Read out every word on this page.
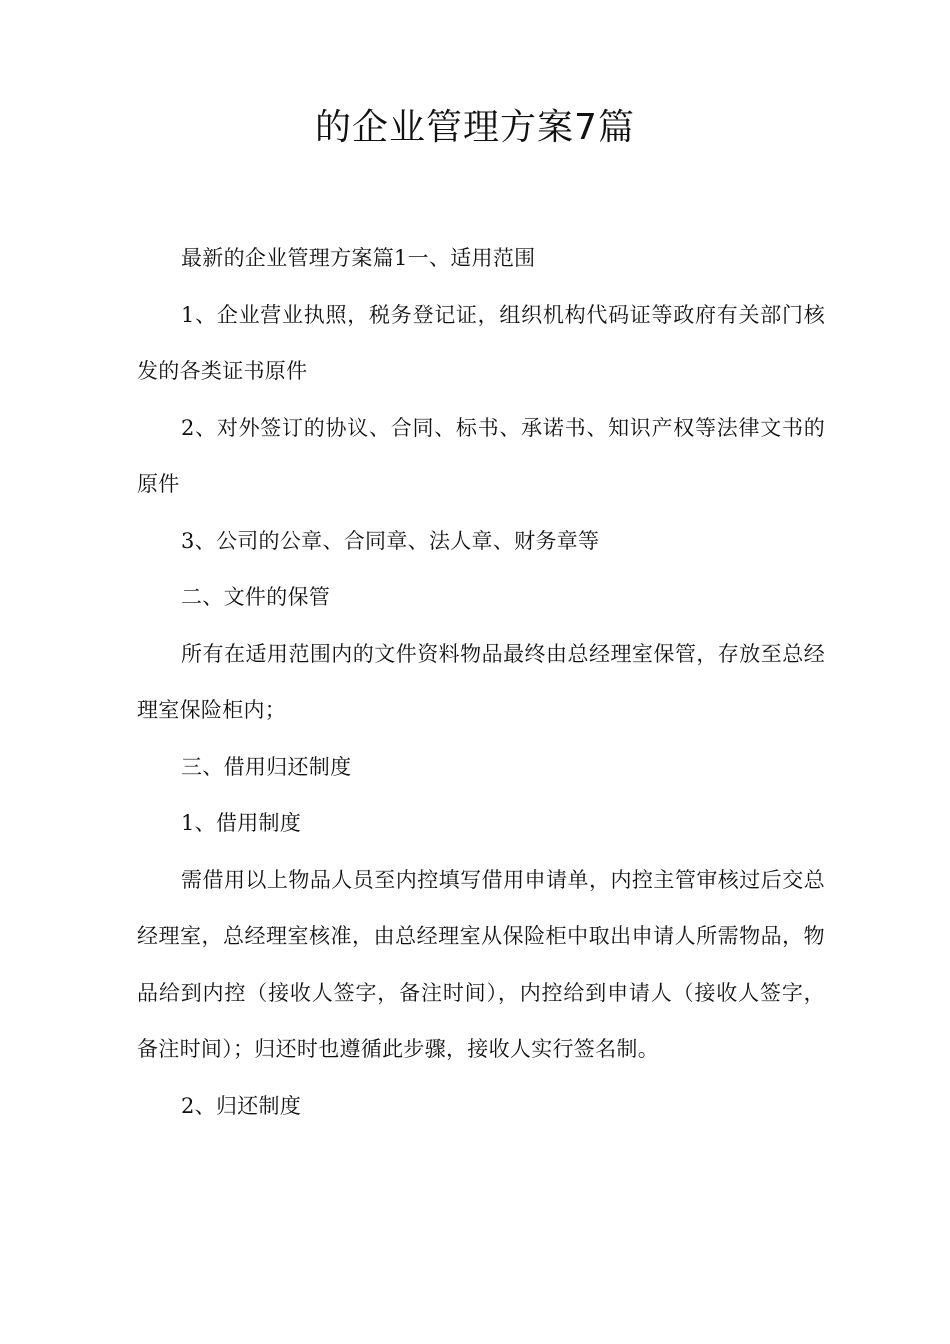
的企业管理方案7篇

最新的企业管理方案篇1一、适用范围

1、企业营业执照，税务登记证，组织机构代码证等政府有关部门核发的各类证书原件

2、对外签订的协议、合同、标书、承诺书、知识产权等法律文书的原件

3、公司的公章、合同章、法人章、财务章等

二、文件的保管

所有在适用范围内的文件资料物品最终由总经理室保管，存放至总经理室保险柜内；

三、借用归还制度

1、借用制度

需借用以上物品人员至内控填写借用申请单，内控主管审核过后交总经理室，总经理室核准，由总经理室从保险柜中取出申请人所需物品，物品给到内控（接收人签字，备注时间），内控给到申请人（接收人签字，备注时间）；归还时也遵循此步骤，接收人实行签名制。

2、归还制度
